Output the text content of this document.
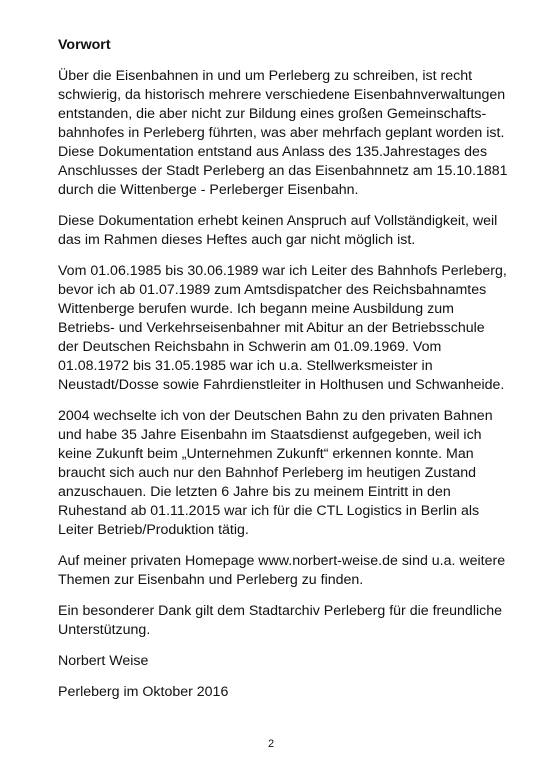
Vorwort
Über die Eisenbahnen in und um Perleberg zu schreiben, ist recht
schwierig, da historisch mehrere verschiedene Eisenbahnverwaltungen
entstanden, die aber nicht zur Bildung eines großen Gemeinschafts-
bahnhofes in Perleberg führten, was aber mehrfach geplant worden ist.
Diese Dokumentation entstand aus Anlass des 135.Jahrestages des
Anschlusses der Stadt Perleberg an das Eisenbahnnetz am 15.10.1881
durch die Wittenberge - Perleberger Eisenbahn.
Diese Dokumentation erhebt keinen Anspruch auf Vollständigkeit, weil
das im Rahmen dieses Heftes auch gar nicht möglich ist.
Vom 01.06.1985 bis 30.06.1989 war ich Leiter des Bahnhofs Perleberg,
bevor ich ab 01.07.1989 zum Amtsdispatcher des Reichsbahnamtes
Wittenberge berufen wurde. Ich begann meine Ausbildung zum
Betriebs- und Verkehrseisenbahner mit Abitur an der Betriebsschule
der Deutschen Reichsbahn in Schwerin am 01.09.1969. Vom
01.08.1972 bis 31.05.1985 war ich u.a. Stellwerksmeister in
Neustadt/Dosse sowie Fahrdienstleiter in Holthusen und Schwanheide.
2004 wechselte ich von der Deutschen Bahn zu den privaten Bahnen
und habe 35 Jahre Eisenbahn im Staatsdienst aufgegeben, weil ich
keine Zukunft beim „Unternehmen Zukunft“ erkennen konnte. Man
braucht sich auch nur den Bahnhof Perleberg im heutigen Zustand
anzuschauen. Die letzten 6 Jahre bis zu meinem Eintritt in den
Ruhestand ab 01.11.2015 war ich für die CTL Logistics in Berlin als
Leiter Betrieb/Produktion tätig.
Auf meiner privaten Homepage www.norbert-weise.de sind u.a. weitere
Themen zur Eisenbahn und Perleberg zu finden.
Ein besonderer Dank gilt dem Stadtarchiv Perleberg für die freundliche
Unterstützung.
Norbert Weise
Perleberg im Oktober 2016
2
